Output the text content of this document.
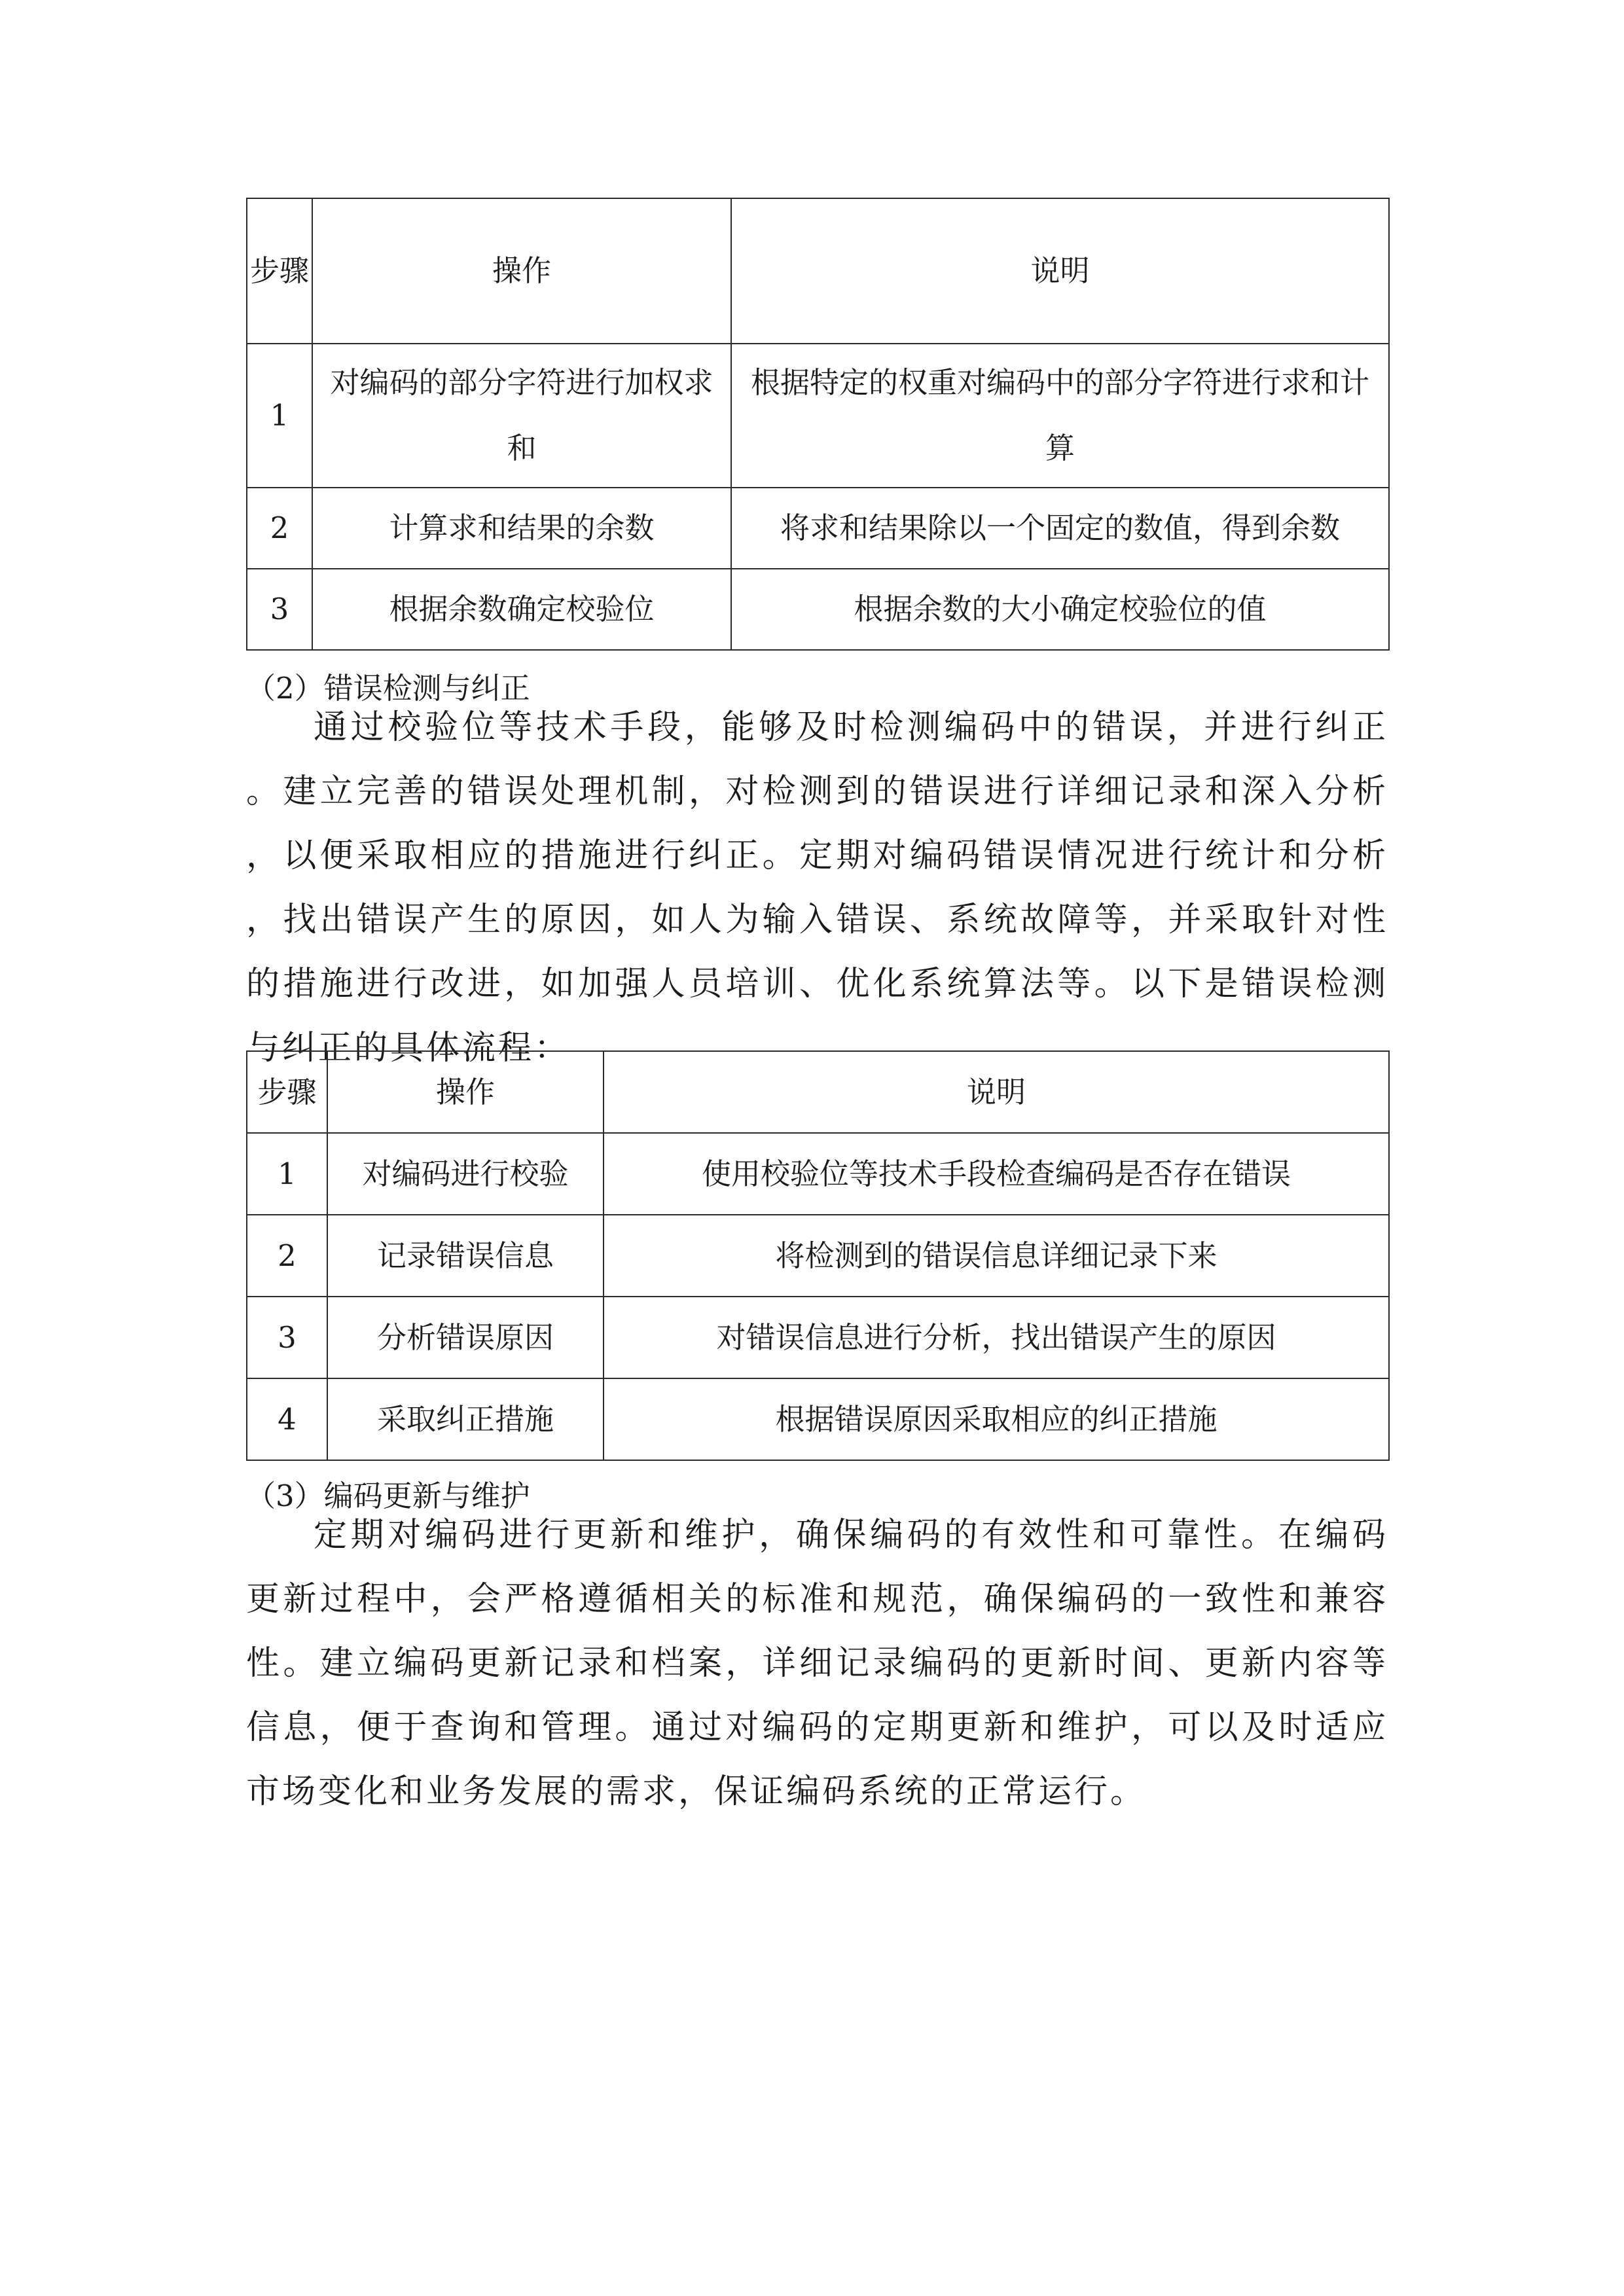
步骤	操作	说明
1	对编码的部分字符进行加权求和	根据特定的权重对编码中的部分字符进行求和计算
2	计算求和结果的余数	将求和结果除以一个固定的数值，得到余数
3	根据余数确定校验位	根据余数的大小确定校验位的值
（2）错误检测与纠正

通过校验位等技术手段，能够及时检测编码中的错误，并进行纠正。建立完善的错误处理机制，对检测到的错误进行详细记录和深入分析，以便采取相应的措施进行纠正。定期对编码错误情况进行统计和分析，找出错误产生的原因，如人为输入错误、系统故障等，并采取针对性的措施进行改进，如加强人员培训、优化系统算法等。以下是错误检测与纠正的具体流程：

步骤	操作	说明
1	对编码进行校验	使用校验位等技术手段检查编码是否存在错误
2	记录错误信息	将检测到的错误信息详细记录下来
3	分析错误原因	对错误信息进行分析，找出错误产生的原因
4	采取纠正措施	根据错误原因采取相应的纠正措施
（3）编码更新与维护

定期对编码进行更新和维护，确保编码的有效性和可靠性。在编码更新过程中，会严格遵循相关的标准和规范，确保编码的一致性和兼容性。建立编码更新记录和档案，详细记录编码的更新时间、更新内容等信息，便于查询和管理。通过对编码的定期更新和维护，可以及时适应市场变化和业务发展的需求，保证编码系统的正常运行。
